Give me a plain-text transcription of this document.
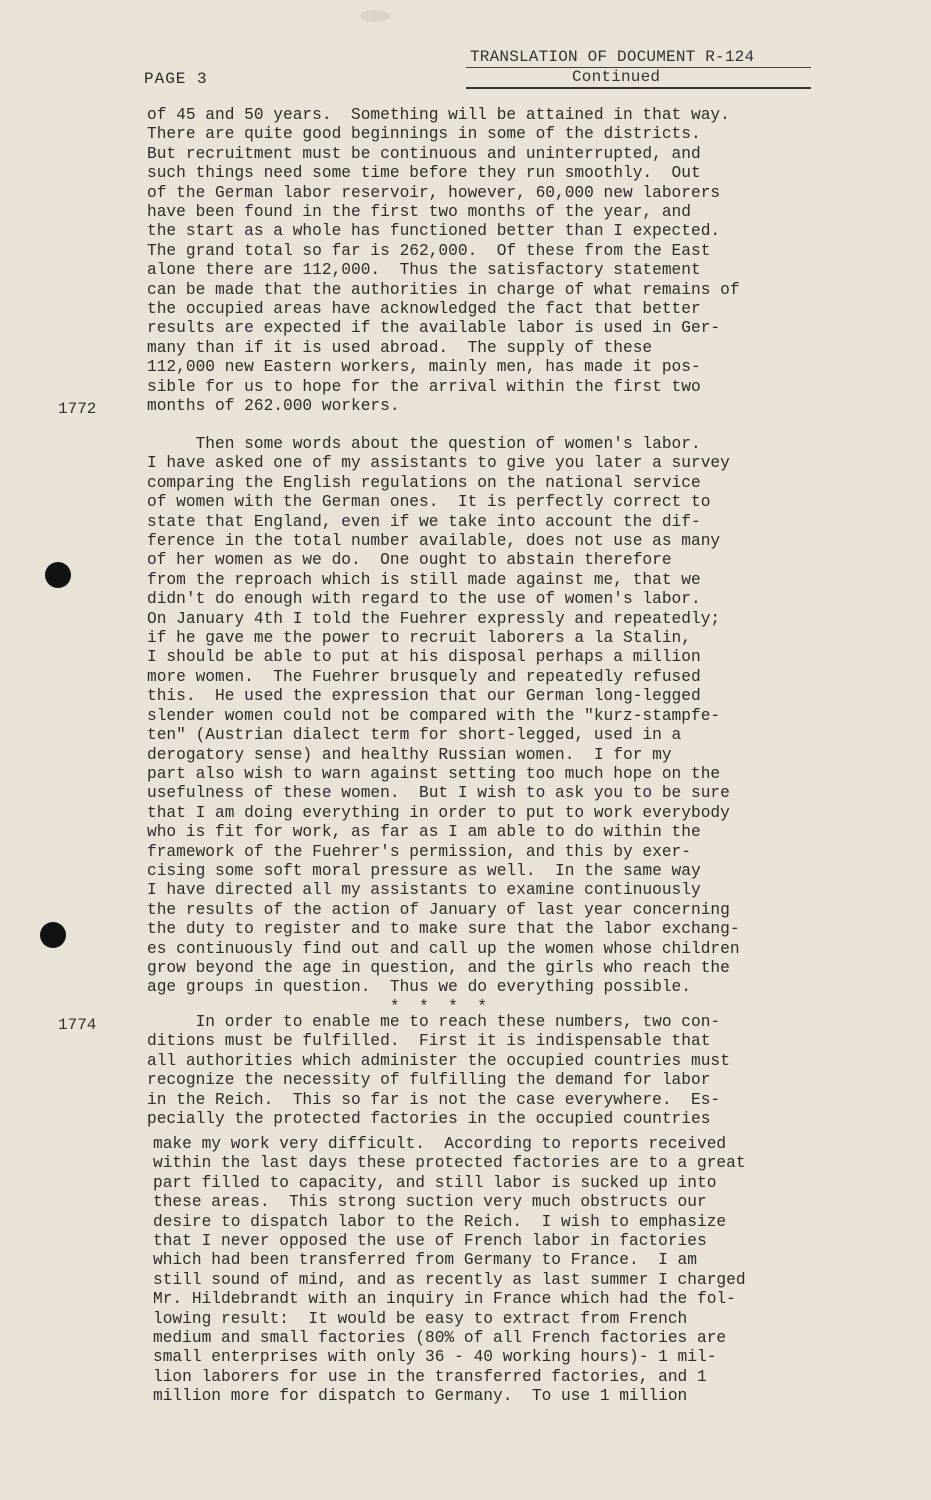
TRANSLATION OF DOCUMENT R-124
Continued
PAGE 3
of 45 and 50 years.  Something will be attained in that way.
There are quite good beginnings in some of the districts.
But recruitment must be continuous and uninterrupted, and
such things need some time before they run smoothly.  Out
of the German labor reservoir, however, 60,000 new laborers
have been found in the first two months of the year, and
the start as a whole has functioned better than I expected.
The grand total so far is 262,000.  Of these from the East
alone there are 112,000.  Thus the satisfactory statement
can be made that the authorities in charge of what remains of
the occupied areas have acknowledged the fact that better
results are expected if the available labor is used in Ger-
many than if it is used abroad.  The supply of these
112,000 new Eastern workers, mainly men, has made it pos-
sible for us to hope for the arrival within the first two
months of 262.000 workers.
1772
Then some words about the question of women's labor.
I have asked one of my assistants to give you later a survey
comparing the English regulations on the national service
of women with the German ones.  It is perfectly correct to
state that England, even if we take into account the dif-
ference in the total number available, does not use as many
of her women as we do.  One ought to abstain therefore
from the reproach which is still made against me, that we
didn't do enough with regard to the use of women's labor.
On January 4th I told the Fuehrer expressly and repeatedly;
if he gave me the power to recruit laborers a la Stalin,
I should be able to put at his disposal perhaps a million
more women.  The Fuehrer brusquely and repeatedly refused
this.  He used the expression that our German long-legged
slender women could not be compared with the "kurz-stampfe-
ten" (Austrian dialect term for short-legged, used in a
derogatory sense) and healthy Russian women.  I for my
part also wish to warn against setting too much hope on the
usefulness of these women.  But I wish to ask you to be sure
that I am doing everything in order to put to work everybody
who is fit for work, as far as I am able to do within the
framework of the Fuehrer's permission, and this by exer-
cising some soft moral pressure as well.  In the same way
I have directed all my assistants to examine continuously
the results of the action of January of last year concerning
the duty to register and to make sure that the labor exchang-
es continuously find out and call up the women whose children
grow beyond the age in question, and the girls who reach the
age groups in question.  Thus we do everything possible.
*  *  *  *
1774	In order to enable me to reach these numbers, two con-
ditions must be fulfilled.  First it is indispensable that
all authorities which administer the occupied countries must
recognize the necessity of fulfilling the demand for labor
in the Reich.  This so far is not the case everywhere.  Es-
pecially the protected factories in the occupied countries
make my work very difficult.  According to reports received
within the last days these protected factories are to a great
part filled to capacity, and still labor is sucked up into
these areas.  This strong suction very much obstructs our
desire to dispatch labor to the Reich.  I wish to emphasize
that I never opposed the use of French labor in factories
which had been transferred from Germany to France.  I am
still sound of mind, and as recently as last summer I charged
Mr. Hildebrandt with an inquiry in France which had the fol-
lowing result:  It would be easy to extract from French
medium and small factories (80% of all French factories are
small enterprises with only 36 - 40 working hours)- 1 mil-
lion laborers for use in the transferred factories, and 1
million more for dispatch to Germany.  To use 1 million
